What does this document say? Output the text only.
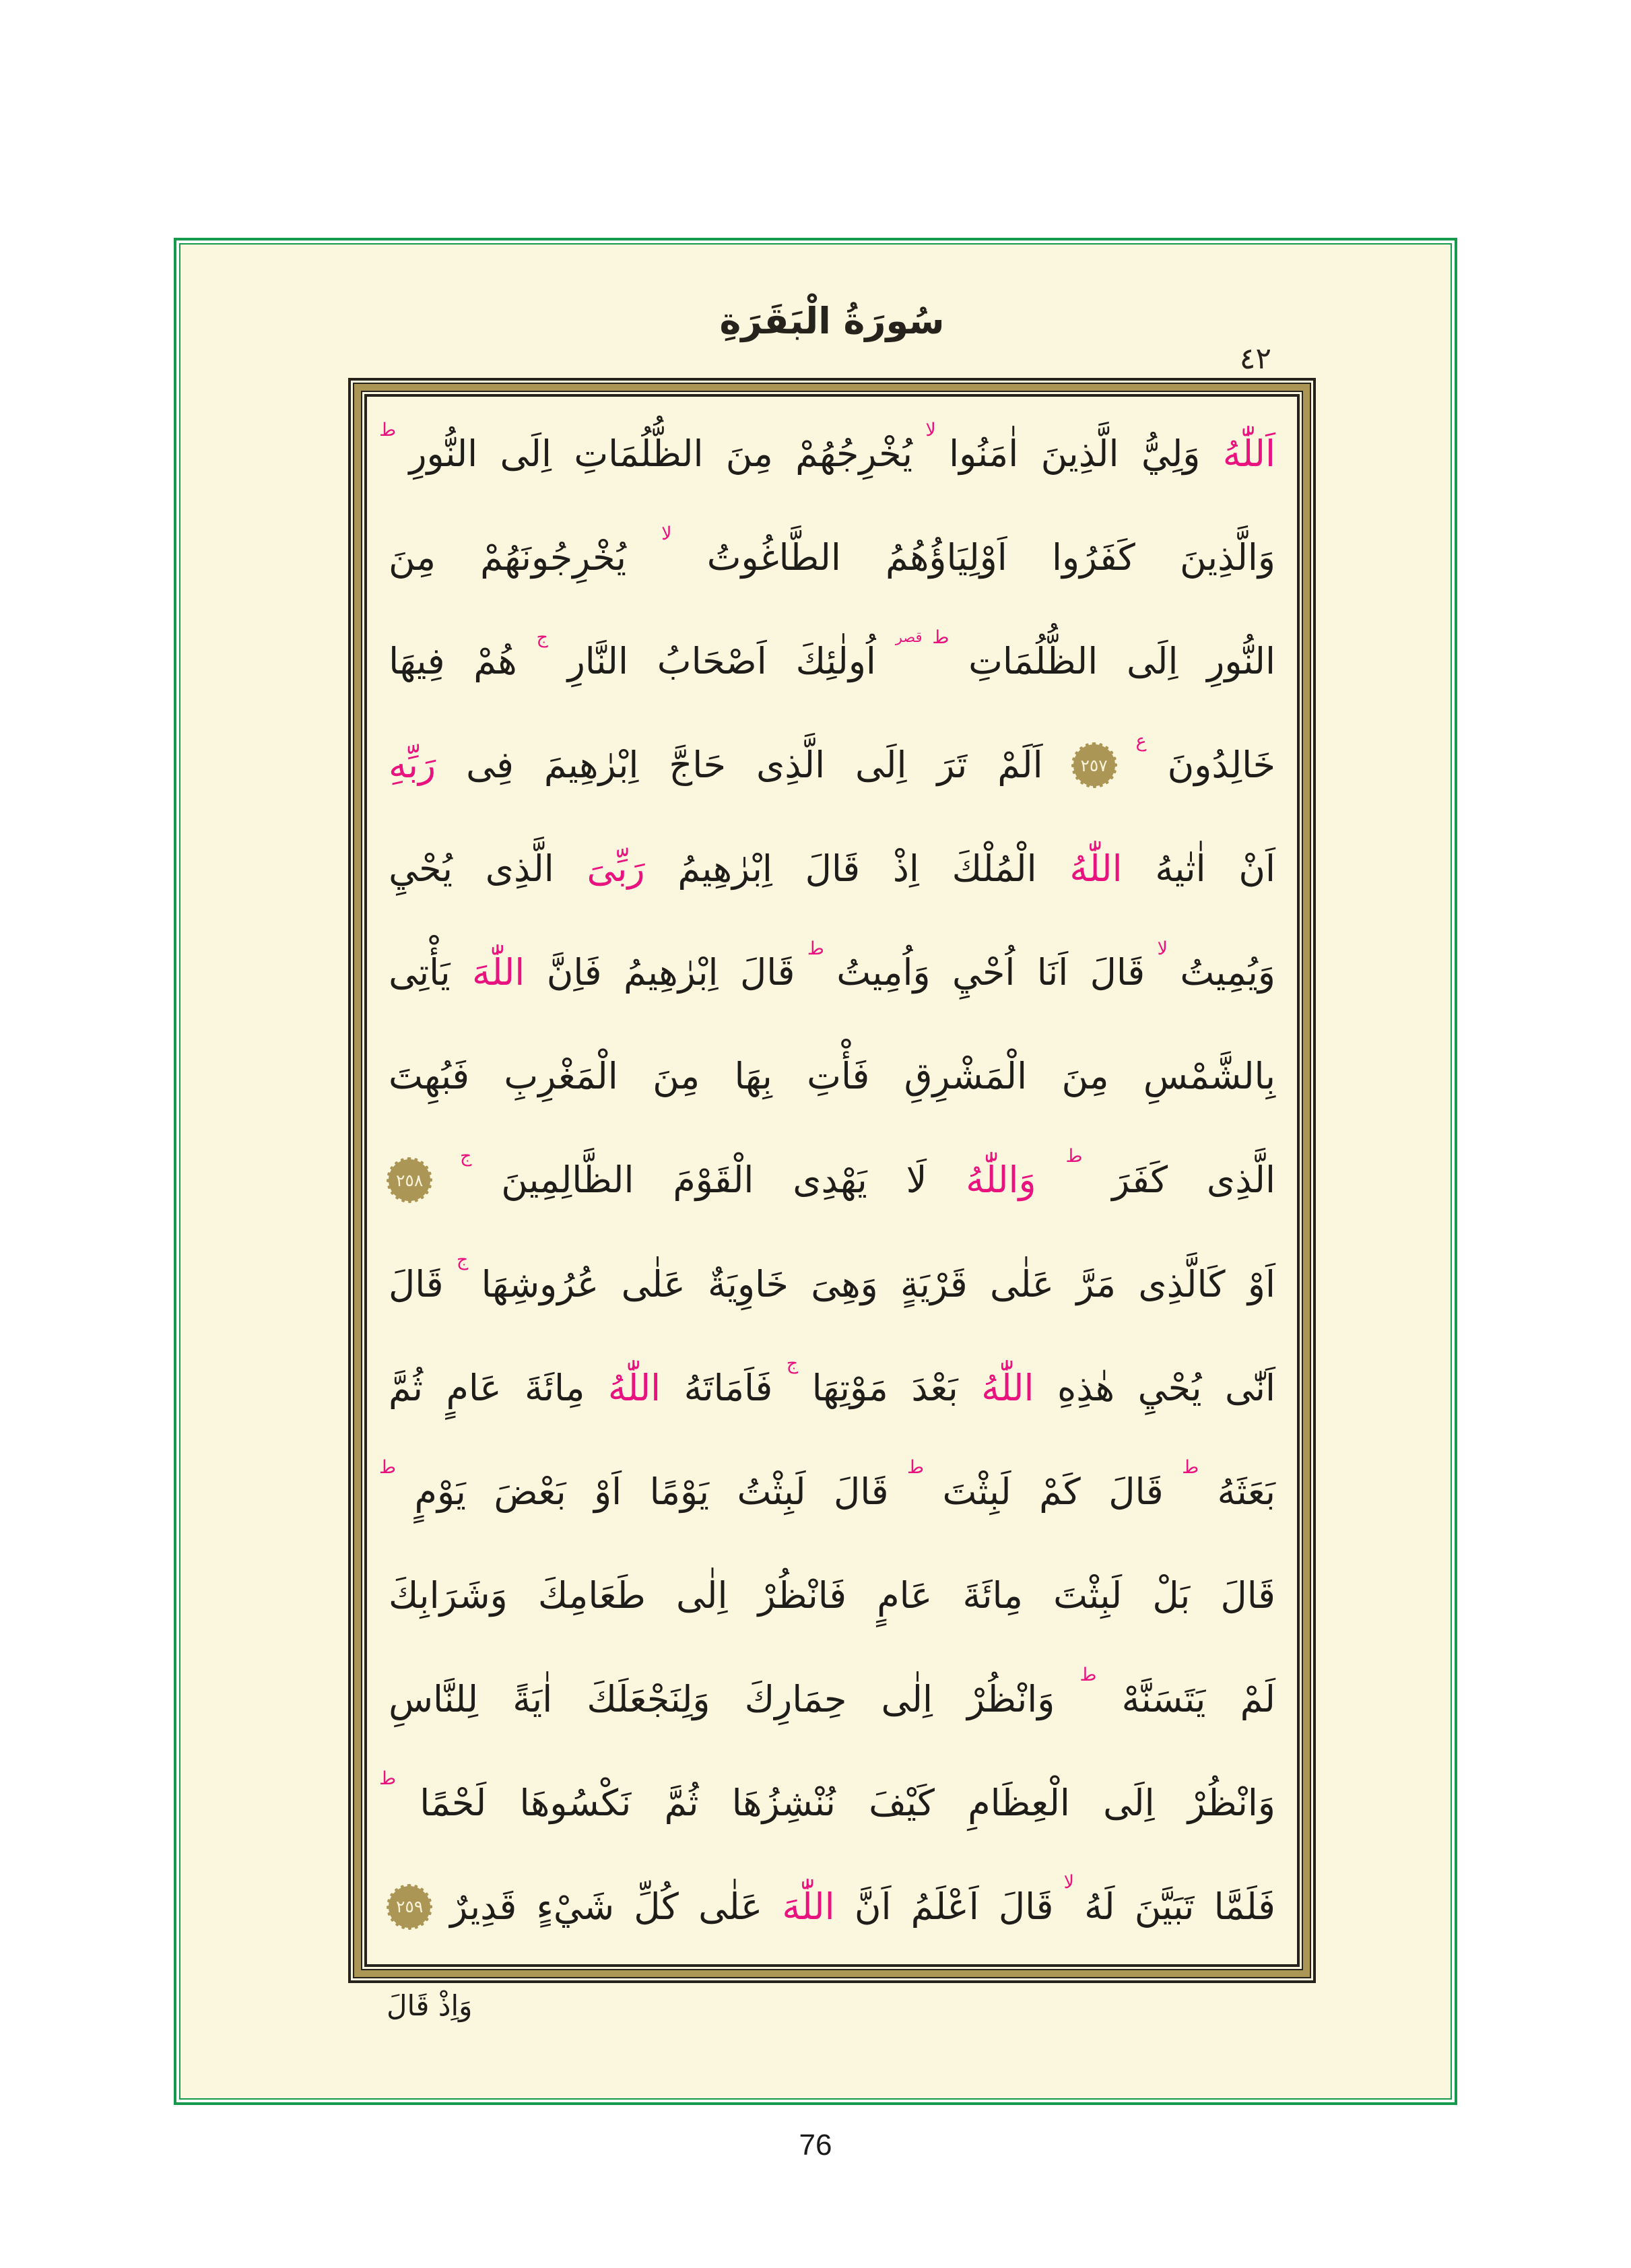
سُورَةُ الْبَقَرَةِ
٤٢
اَللّٰهُ
وَلِيُّ
الَّذِينَ
اٰمَنُوا
لا
يُخْرِجُهُمْ
مِنَ
الظُّلُمَاتِ
اِلَى
النُّورِ
ط
وَالَّذِينَ
كَفَرُوا
اَوْلِيَاؤُهُمُ
الطَّاغُوتُ
لا
يُخْرِجُونَهُمْ
مِنَ
النُّورِ
اِلَى
الظُّلُمَاتِ
ط
قصر
اُولٰئِكَ
اَصْحَابُ
النَّارِ
ج
هُمْ
فِيهَا
خَالِدُونَ
ع
٢٥٧
اَلَمْ
تَرَ
اِلَى
الَّذِى
حَاجَّ
اِبْرٰهِيمَ
فِى
رَبِّهِ
اَنْ
اٰتٰيهُ
اللّٰهُ
الْمُلْكَ
اِذْ
قَالَ
اِبْرٰهِيمُ
رَبِّىَ
الَّذِى
يُحْيِ
وَيُمِيتُ
لا
قَالَ
اَنَا
اُحْيِ
وَاُمِيتُ
ط
قَالَ
اِبْرٰهِيمُ
فَاِنَّ
اللّٰهَ
يَأْتِى
بِالشَّمْسِ
مِنَ
الْمَشْرِقِ
فَأْتِ
بِهَا
مِنَ
الْمَغْرِبِ
فَبُهِتَ
الَّذِى
كَفَرَ
ط
وَاللّٰهُ
لَا
يَهْدِى
الْقَوْمَ
الظَّالِمِينَ
ج
٢٥٨
اَوْ
كَالَّذِى
مَرَّ
عَلٰى
قَرْيَةٍ
وَهِىَ
خَاوِيَةٌ
عَلٰى
عُرُوشِهَا
ج
قَالَ
اَنّٰى
يُحْيِ
هٰذِهِ
اللّٰهُ
بَعْدَ
مَوْتِهَا
ج
فَاَمَاتَهُ
اللّٰهُ
مِائَةَ
عَامٍ
ثُمَّ
بَعَثَهُ
ط
قَالَ
كَمْ
لَبِثْتَ
ط
قَالَ
لَبِثْتُ
يَوْمًا
اَوْ
بَعْضَ
يَوْمٍ
ط
قَالَ
بَلْ
لَبِثْتَ
مِائَةَ
عَامٍ
فَانْظُرْ
اِلٰى
طَعَامِكَ
وَشَرَابِكَ
لَمْ
يَتَسَنَّهْ
ط
وَانْظُرْ
اِلٰى
حِمَارِكَ
وَلِنَجْعَلَكَ
اٰيَةً
لِلنَّاسِ
وَانْظُرْ
اِلَى
الْعِظَامِ
كَيْفَ
نُنْشِزُهَا
ثُمَّ
نَكْسُوهَا
لَحْمًا
ط
فَلَمَّا
تَبَيَّنَ
لَهُ
لا
قَالَ
اَعْلَمُ
اَنَّ
اللّٰهَ
عَلٰى
كُلِّ
شَيْءٍ
قَدِيرٌ
٢٥٩
وَاِذْ قَالَ
76
